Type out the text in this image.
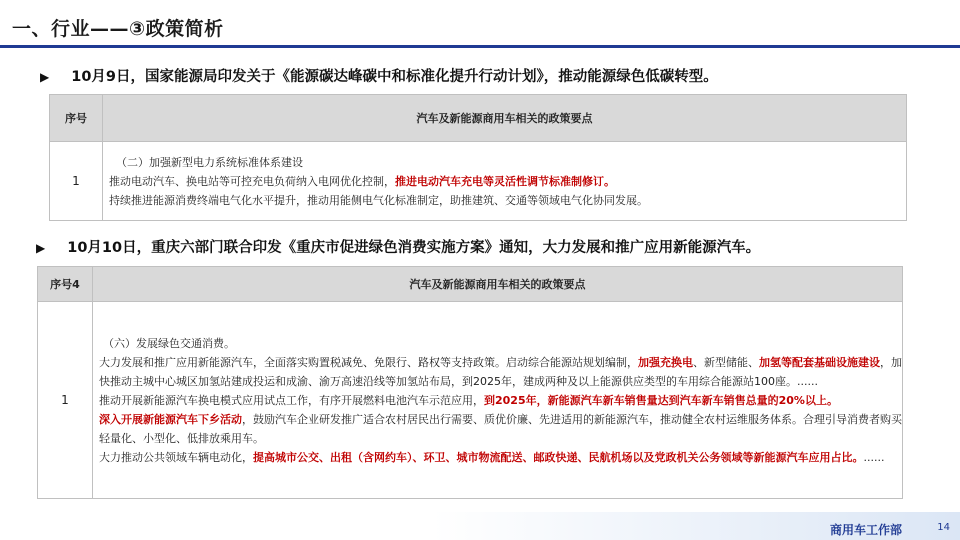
一、行业——③政策简析
▶ 10月9日，国家能源局印发关于《能源碳达峰碳中和标准化提升行动计划》，推动能源绿色低碳转型。
序号	汽车及新能源商用车相关的政策要点
1	（二）加强新型电力系统标准体系建设
推动电动汽车、换电站等可控充电负荷纳入电网优化控制，推进电动汽车充电等灵活性调节标准制修订。
持续推进能源消费终端电气化水平提升，推动用能侧电气化标准制定，助推建筑、交通等领域电气化协同发展。
▶ 10月10日，重庆六部门联合印发《重庆市促进绿色消费实施方案》通知，大力发展和推广应用新能源汽车。
序号4	汽车及新能源商用车相关的政策要点
1	（六）发展绿色交通消费。
大力发展和推广应用新能源汽车，全面落实购置税减免、免限行、路权等支持政策。启动综合能源站规划编制，加强充换电、新型储能、加氢等配套基础设施建设，加快推动主城中心城区加氢站建成投运和成渝、渝万高速沿线等加氢站布局，到2025年，建成两种及以上能源供应类型的车用综合能源站100座。......
推动开展新能源汽车换电模式应用试点工作，有序开展燃料电池汽车示范应用，到2025年，新能源汽车新车销售量达到汽车新车销售总量的20%以上。
深入开展新能源汽车下乡活动，鼓励汽车企业研发推广适合农村居民出行需要、质优价廉、先进适用的新能源汽车，推动健全农村运维服务体系。合理引导消费者购买轻量化、小型化、低排放乘用车。
大力推动公共领域车辆电动化，提高城市公交、出租（含网约车）、环卫、城市物流配送、邮政快递、民航机场以及党政机关公务领域等新能源汽车应用占比。......
商用车工作部	14
